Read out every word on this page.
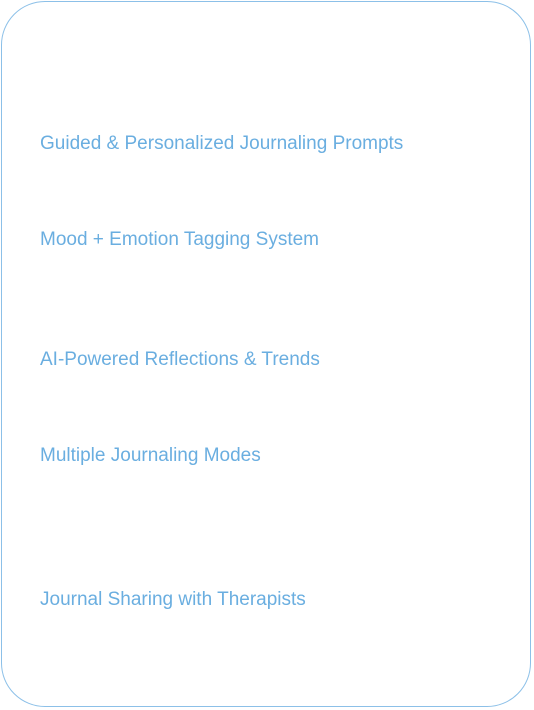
Guided & Personalized Journaling Prompts

Mood + Emotion Tagging System

AI-Powered Reflections & Trends

Multiple Journaling Modes

Journal Sharing with Therapists
